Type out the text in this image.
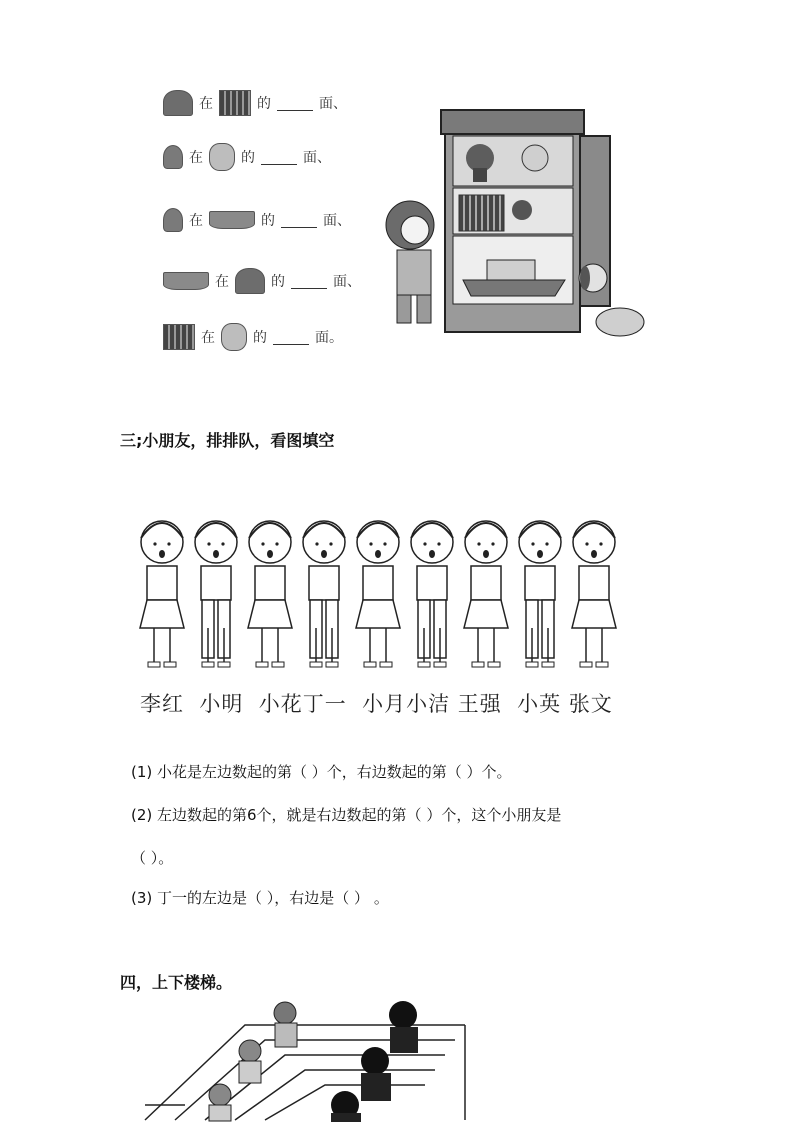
在	的	面、
在	的	面、
在	的	面、
在	的	面、
在	的	面。
三;小朋友，排排队，看图填空
李红 小明 小花丁一 小月小洁 王强 小英 张文
(1) 小花是左边数起的第（ ）个，右边数起的第（ ）个。
(2) 左边数起的第6个，就是右边数起的第（ ）个，这个小朋友是
（ ）。
(3) 丁一的左边是（ ），右边是（ ） 。
四，上下楼梯。
